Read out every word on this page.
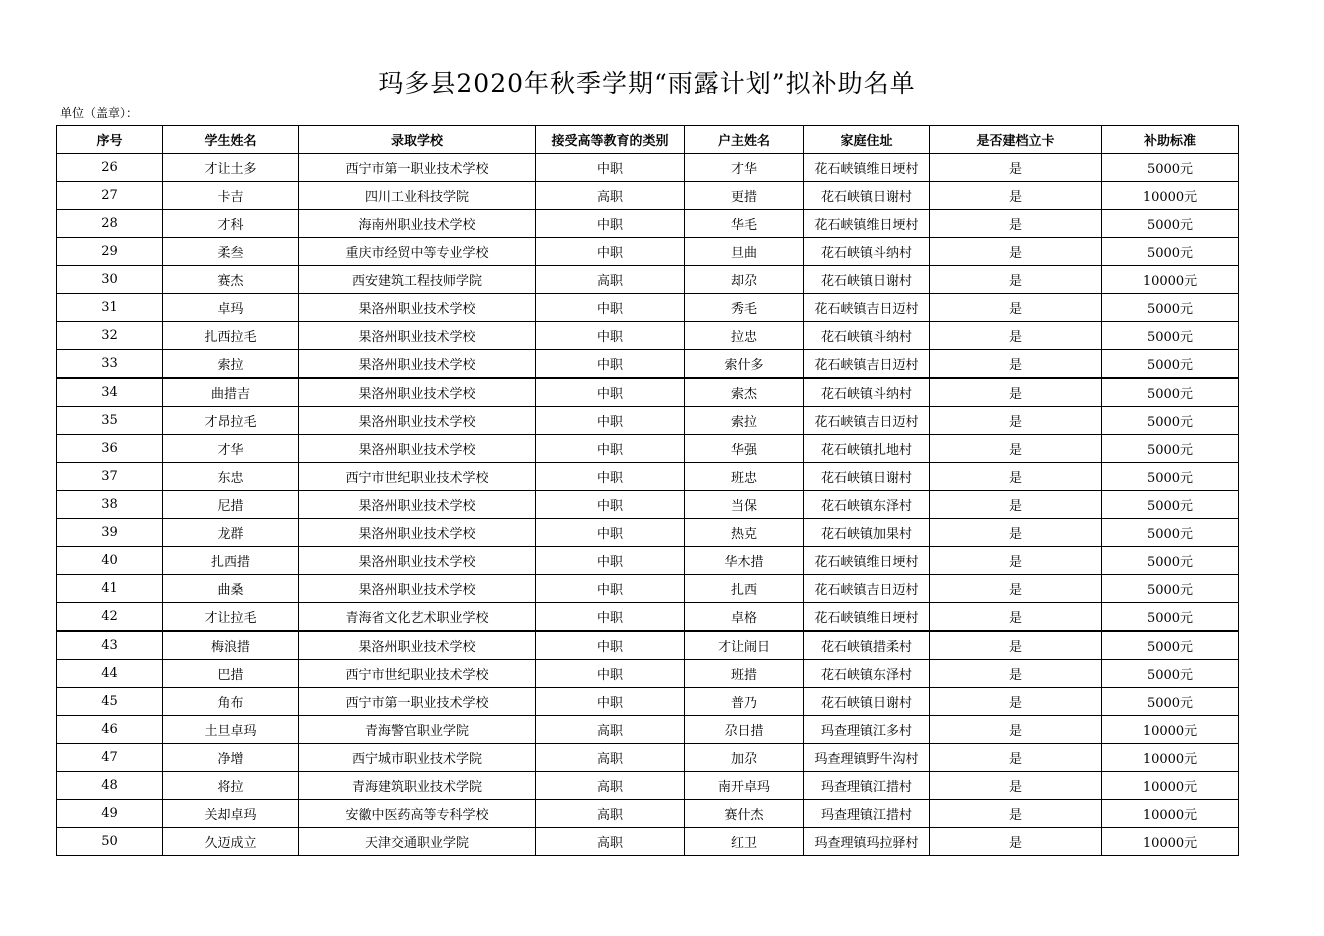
玛多县2020年秋季学期“雨露计划”拟补助名单
单位（盖章）：
序号	学生姓名	录取学校	接受高等教育的类别	户主姓名	家庭住址	是否建档立卡	补助标准
26	才让土多	西宁市第一职业技术学校	中职	才华	花石峡镇维日埂村	是	5000元
27	卡吉	四川工业科技学院	高职	更措	花石峡镇日谢村	是	10000元
28	才科	海南州职业技术学校	中职	华毛	花石峡镇维日埂村	是	5000元
29	柔叁	重庆市经贸中等专业学校	中职	旦曲	花石峡镇斗纳村	是	5000元
30	赛杰	西安建筑工程技师学院	高职	却尕	花石峡镇日谢村	是	10000元
31	卓玛	果洛州职业技术学校	中职	秀毛	花石峡镇吉日迈村	是	5000元
32	扎西拉毛	果洛州职业技术学校	中职	拉忠	花石峡镇斗纳村	是	5000元
33	索拉	果洛州职业技术学校	中职	索什多	花石峡镇吉日迈村	是	5000元
34	曲措吉	果洛州职业技术学校	中职	索杰	花石峡镇斗纳村	是	5000元
35	才昂拉毛	果洛州职业技术学校	中职	索拉	花石峡镇吉日迈村	是	5000元
36	才华	果洛州职业技术学校	中职	华强	花石峡镇扎地村	是	5000元
37	东忠	西宁市世纪职业技术学校	中职	班忠	花石峡镇日谢村	是	5000元
38	尼措	果洛州职业技术学校	中职	当保	花石峡镇东泽村	是	5000元
39	龙群	果洛州职业技术学校	中职	热克	花石峡镇加果村	是	5000元
40	扎西措	果洛州职业技术学校	中职	华木措	花石峡镇维日埂村	是	5000元
41	曲桑	果洛州职业技术学校	中职	扎西	花石峡镇吉日迈村	是	5000元
42	才让拉毛	青海省文化艺术职业学校	中职	卓格	花石峡镇维日埂村	是	5000元
43	梅浪措	果洛州职业技术学校	中职	才让闹日	花石峡镇措柔村	是	5000元
44	巴措	西宁市世纪职业技术学校	中职	班措	花石峡镇东泽村	是	5000元
45	角布	西宁市第一职业技术学校	中职	普乃	花石峡镇日谢村	是	5000元
46	土旦卓玛	青海警官职业学院	高职	尕日措	玛查理镇江多村	是	10000元
47	净增	西宁城市职业技术学院	高职	加尕	玛查理镇野牛沟村	是	10000元
48	将拉	青海建筑职业技术学院	高职	南开卓玛	玛查理镇江措村	是	10000元
49	关却卓玛	安徽中医药高等专科学校	高职	赛什杰	玛查理镇江措村	是	10000元
50	久迈成立	天津交通职业学院	高职	红卫	玛查理镇玛拉驿村	是	10000元
